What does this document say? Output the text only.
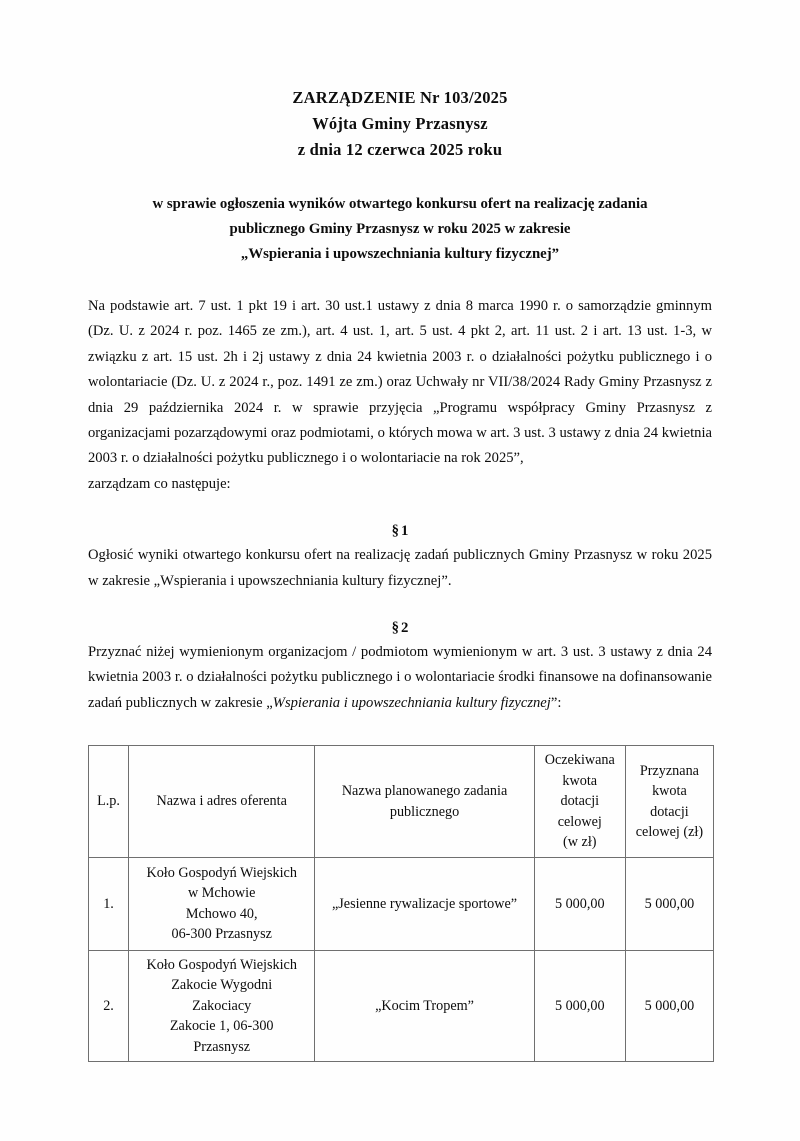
ZARZĄDZENIE Nr 103/2025
Wójta Gminy Przasnysz
z dnia 12 czerwca 2025 roku
w sprawie ogłoszenia wyników otwartego konkursu ofert na realizację zadania
publicznego Gminy Przasnysz w roku 2025 w zakresie
„Wspierania i upowszechniania kultury fizycznej”

Na podstawie art. 7 ust. 1 pkt 19 i art. 30 ust.1 ustawy z dnia 8 marca 1990 r. o samorządzie gminnym (Dz. U. z 2024 r. poz. 1465 ze zm.), art. 4 ust. 1, art. 5 ust. 4 pkt 2, art. 11 ust. 2 i art. 13 ust. 1-3, w związku z art. 15 ust. 2h i 2j ustawy z dnia 24 kwietnia 2003 r. o działalności pożytku publicznego i o wolontariacie (Dz. U. z 2024 r., poz. 1491 ze zm.) oraz Uchwały nr VII/38/2024 Rady Gminy Przasnysz z dnia 29 października 2024 r. w sprawie przyjęcia „Programu współpracy Gminy Przasnysz z organizacjami pozarządowymi oraz podmiotami, o których mowa w art. 3 ust. 3 ustawy z dnia 24 kwietnia 2003 r. o działalności pożytku publicznego i o wolontariacie na rok 2025”,

zarządzam co następuje:

§1

Ogłosić wyniki otwartego konkursu ofert na realizację zadań publicznych Gminy Przasnysz w roku 2025 w zakresie „Wspierania i upowszechniania kultury fizycznej”.

§2

Przyznać niżej wymienionym organizacjom / podmiotom wymienionym w art. 3 ust. 3 ustawy z dnia 24 kwietnia 2003 r. o działalności pożytku publicznego i o wolontariacie środki finansowe na dofinansowanie zadań publicznych w zakresie „Wspierania i upowszechniania kultury fizycznej”:

L.p.	Nazwa i adres oferenta	Nazwa planowanego zadania
publicznego	Oczekiwana
kwota
dotacji
celowej
(w zł)	Przyznana
kwota
dotacji
celowej (zł)

1.	Koło Gospodyń Wiejskich
w Mchowie
Mchowo 40,
06-300 Przasnysz	„Jesienne rywalizacje sportowe”	5 000,00	5 000,00
2.	Koło Gospodyń Wiejskich
Zakocie Wygodni
Zakociacy
Zakocie 1, 06-300
Przasnysz	„Kocim Tropem”	5 000,00	5 000,00
